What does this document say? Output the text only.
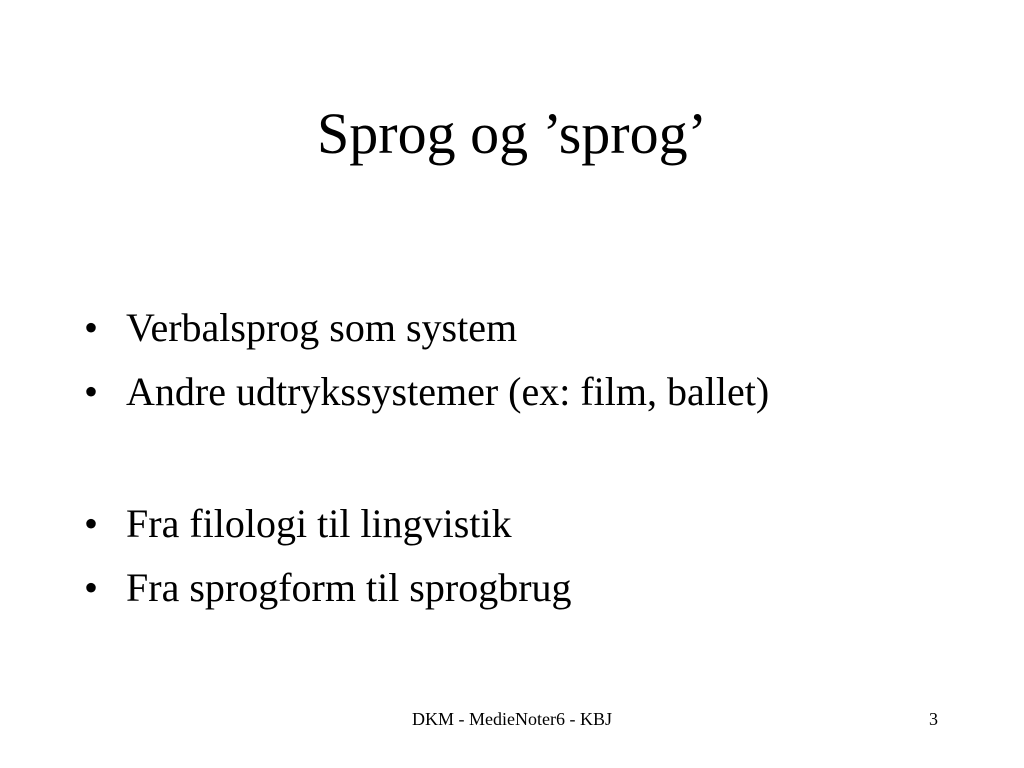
Sprog og ’sprog’
• Verbalsprog som system
• Andre udtrykssystemer (ex: film, ballet)
• Fra filologi til lingvistik
• Fra sprogform til sprogbrug
DKM - MedieNoter6 - KBJ	3
